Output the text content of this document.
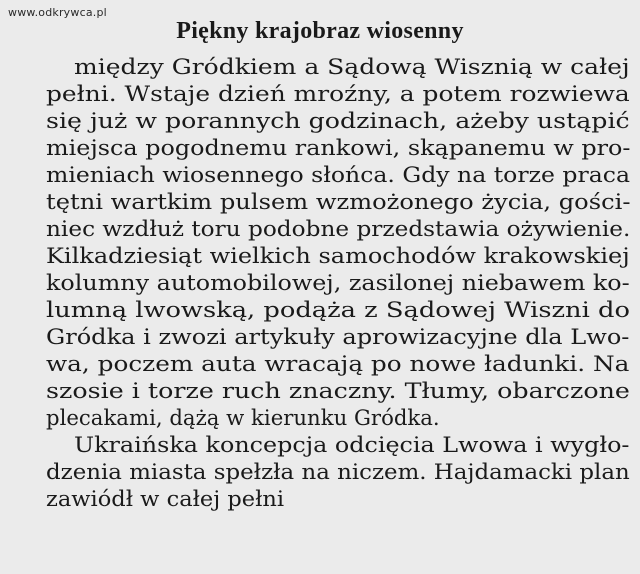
www.odkrywca.pl
Piękny krajobraz wiosenny
między Gródkiem a Sądową Wisznią w całej
pełni. Wstaje dzień mroźny, a potem rozwiewa
się już w porannych godzinach, ażeby ustąpić
miejsca pogodnemu rankowi, skąpanemu w pro-
mieniach wiosennego słońca. Gdy na torze praca
tętni wartkim pulsem wzmożonego życia, gości-
niec wzdłuż toru podobne przedstawia ożywienie.
Kilkadziesiąt wielkich samochodów krakowskiej
kolumny automobilowej, zasilonej niebawem ko-
lumną lwowską, podąża z Sądowej Wiszni do
Gródka i zwozi artykuły aprowizacyjne dla Lwo-
wa, poczem auta wracają po nowe ładunki. Na
szosie i torze ruch znaczny. Tłumy, obarczone
plecakami, dążą w kierunku Gródka.
Ukraińska koncepcja odcięcia Lwowa i wygło-
dzenia miasta spełzła na niczem. Hajdamacki plan
zawiódł w całej pełni
